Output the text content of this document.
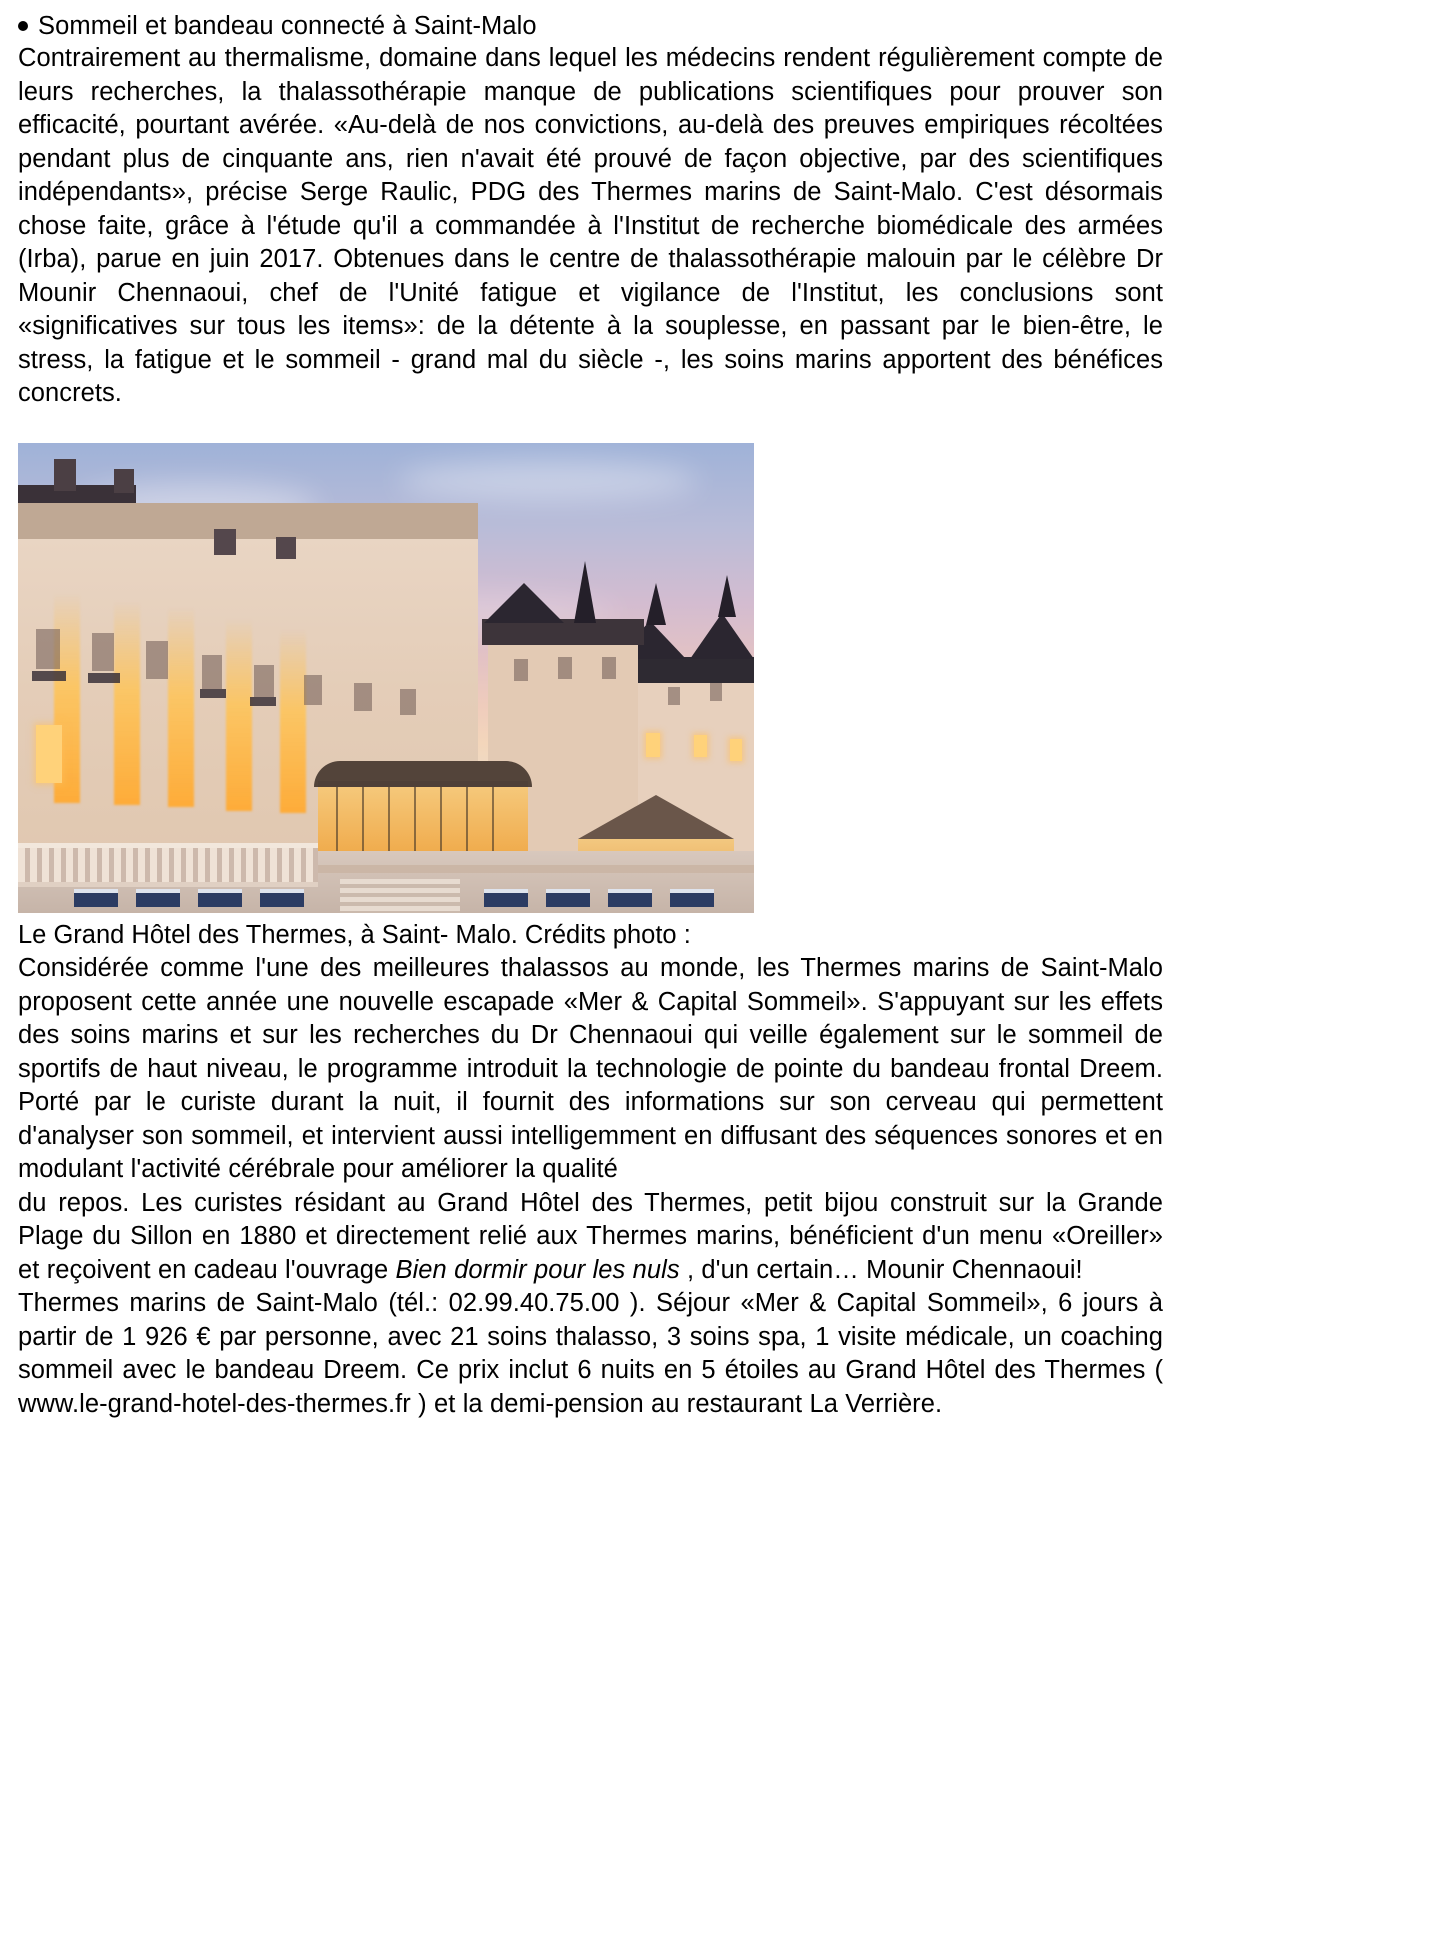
Sommeil et bandeau connecté à Saint-Malo

Contrairement au thermalisme, domaine dans lequel les médecins rendent régulièrement compte de leurs recherches, la thalassothérapie manque de publications scientifiques pour prouver son efficacité, pourtant avérée. «Au-delà de nos convictions, au-delà des preuves empiriques récoltées pendant plus de cinquante ans, rien n'avait été prouvé de façon objective, par des scientifiques indépendants», précise Serge Raulic, PDG des Thermes marins de Saint-Malo. C'est désormais chose faite, grâce à l'étude qu'il a commandée à l'Institut de recherche biomédicale des armées (Irba), parue en juin 2017. Obtenues dans le centre de thalassothérapie malouin par le célèbre Dr Mounir Chennaoui, chef de l'Unité fatigue et vigilance de l'Institut, les conclusions sont «significatives sur tous les items»: de la détente à la souplesse, en passant par le bien-être, le stress, la fatigue et le sommeil - grand mal du siècle -, les soins marins apportent des bénéfices concrets.

Le Grand Hôtel des Thermes, à Saint- Malo. Crédits photo :

Considérée comme l'une des meilleures thalassos au monde, les Thermes marins de Saint-Malo proposent cette année une nouvelle escapade «Mer & Capital Sommeil». S'appuyant sur les effets des soins marins et sur les recherches du Dr Chennaoui qui veille également sur le sommeil de sportifs de haut niveau, le programme introduit la technologie de pointe du bandeau frontal Dreem. Porté par le curiste durant la nuit, il fournit des informations sur son cerveau qui permettent d'analyser son sommeil, et intervient aussi intelligemment en diffusant des séquences sonores et en modulant l'activité cérébrale pour améliorer la qualité

du repos. Les curistes résidant au Grand Hôtel des Thermes, petit bijou construit sur la Grande Plage du Sillon en 1880 et directement relié aux Thermes marins, bénéficient d'un menu «Oreiller» et reçoivent en cadeau l'ouvrage Bien dormir pour les nuls , d'un certain… Mounir Chennaoui!

Thermes marins de Saint-Malo (tél.: 02.99.40.75.00 ). Séjour «Mer & Capital Sommeil», 6 jours à partir de 1 926 € par personne, avec 21 soins thalasso, 3 soins spa, 1 visite médicale, un coaching sommeil avec le bandeau Dreem. Ce prix inclut 6 nuits en 5 étoiles au Grand Hôtel des Thermes ( www.le-grand-hotel-des-thermes.fr ) et la demi-pension au restaurant La Verrière.
